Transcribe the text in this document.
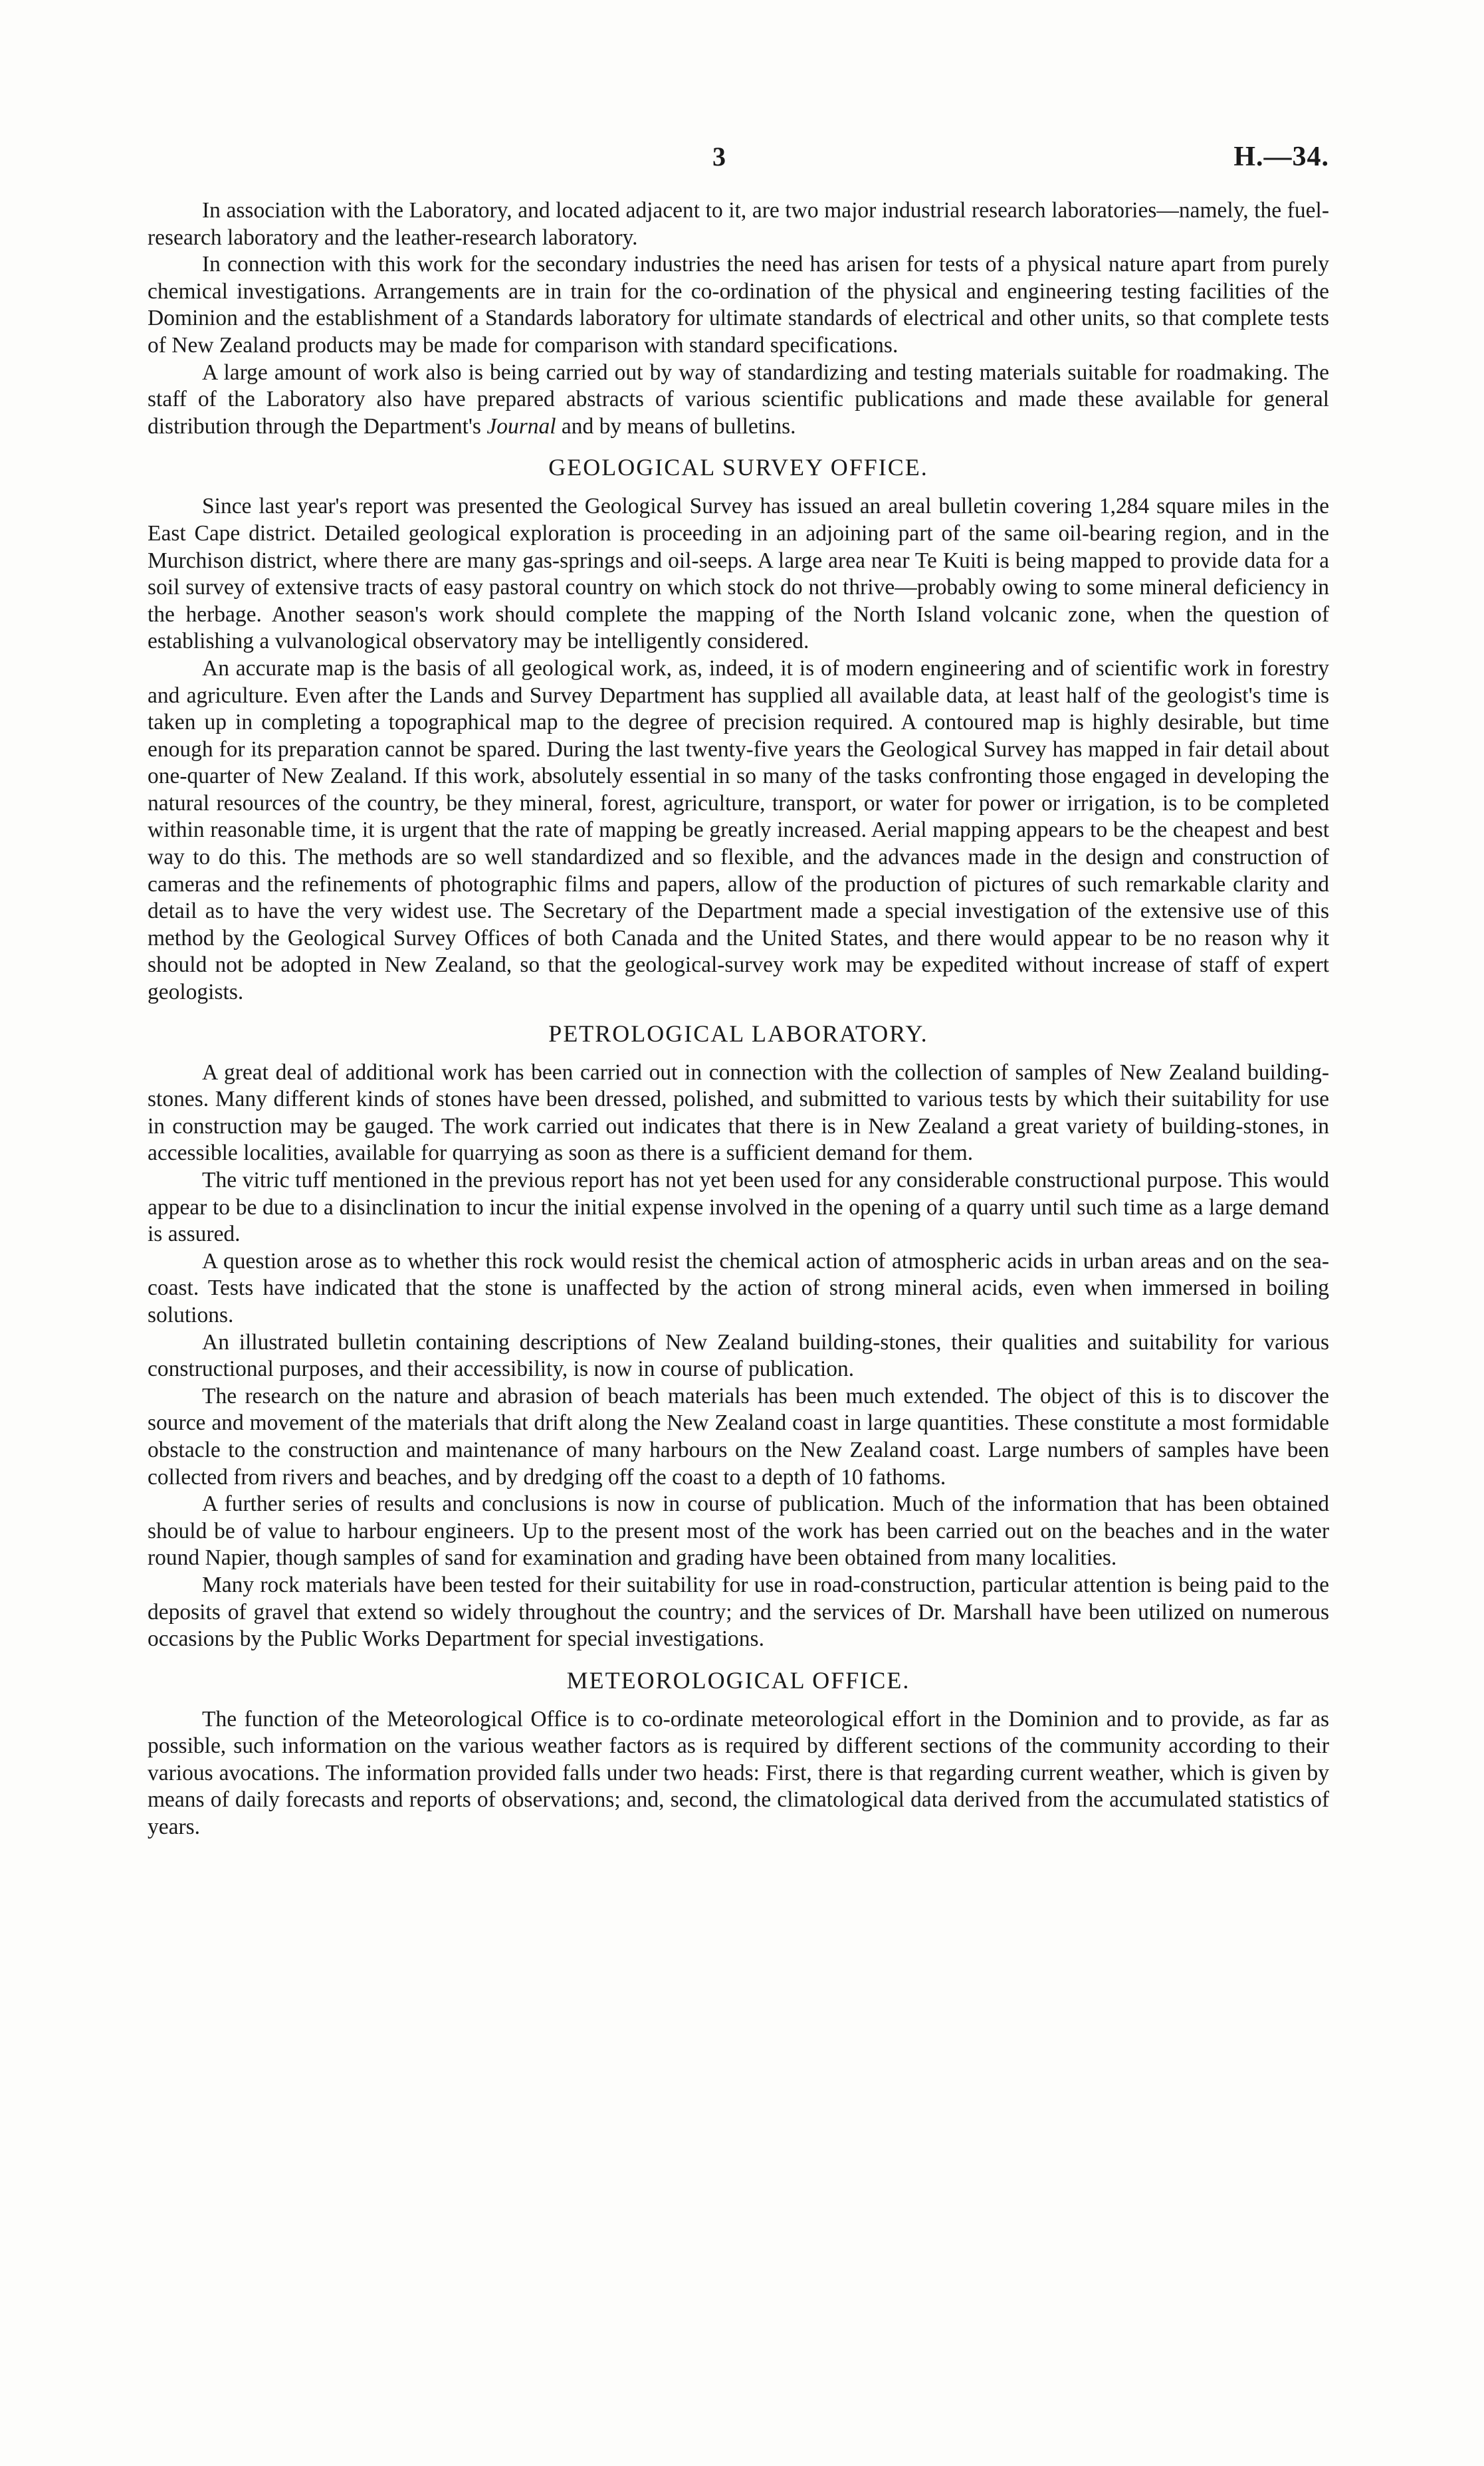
3	H.—34.

In association with the Laboratory, and located adjacent to it, are two major industrial research laboratories—namely, the fuel-research laboratory and the leather-research laboratory.

In connection with this work for the secondary industries the need has arisen for tests of a physical nature apart from purely chemical investigations. Arrangements are in train for the co-ordination of the physical and engineering testing facilities of the Dominion and the establishment of a Standards laboratory for ultimate standards of electrical and other units, so that complete tests of New Zealand products may be made for comparison with standard specifications.

A large amount of work also is being carried out by way of standardizing and testing materials suitable for roadmaking. The staff of the Laboratory also have prepared abstracts of various scientific publications and made these available for general distribution through the Department's Journal and by means of bulletins.

GEOLOGICAL SURVEY OFFICE.

Since last year's report was presented the Geological Survey has issued an areal bulletin covering 1,284 square miles in the East Cape district. Detailed geological exploration is proceeding in an adjoining part of the same oil-bearing region, and in the Murchison district, where there are many gas-springs and oil-seeps. A large area near Te Kuiti is being mapped to provide data for a soil survey of extensive tracts of easy pastoral country on which stock do not thrive—probably owing to some mineral deficiency in the herbage. Another season's work should complete the mapping of the North Island volcanic zone, when the question of establishing a vulvanological observatory may be intelligently considered.

An accurate map is the basis of all geological work, as, indeed, it is of modern engineering and of scientific work in forestry and agriculture. Even after the Lands and Survey Department has supplied all available data, at least half of the geologist's time is taken up in completing a topographical map to the degree of precision required. A contoured map is highly desirable, but time enough for its preparation cannot be spared. During the last twenty-five years the Geological Survey has mapped in fair detail about one-quarter of New Zealand. If this work, absolutely essential in so many of the tasks confronting those engaged in developing the natural resources of the country, be they mineral, forest, agriculture, transport, or water for power or irrigation, is to be completed within reasonable time, it is urgent that the rate of mapping be greatly increased. Aerial mapping appears to be the cheapest and best way to do this. The methods are so well standardized and so flexible, and the advances made in the design and construction of cameras and the refinements of photographic films and papers, allow of the production of pictures of such remarkable clarity and detail as to have the very widest use. The Secretary of the Department made a special investigation of the extensive use of this method by the Geological Survey Offices of both Canada and the United States, and there would appear to be no reason why it should not be adopted in New Zealand, so that the geological-survey work may be expedited without increase of staff of expert geologists.

PETROLOGICAL LABORATORY.

A great deal of additional work has been carried out in connection with the collection of samples of New Zealand building-stones. Many different kinds of stones have been dressed, polished, and submitted to various tests by which their suitability for use in construction may be gauged. The work carried out indicates that there is in New Zealand a great variety of building-stones, in accessible localities, available for quarrying as soon as there is a sufficient demand for them.

The vitric tuff mentioned in the previous report has not yet been used for any considerable constructional purpose. This would appear to be due to a disinclination to incur the initial expense involved in the opening of a quarry until such time as a large demand is assured.

A question arose as to whether this rock would resist the chemical action of atmospheric acids in urban areas and on the sea-coast. Tests have indicated that the stone is unaffected by the action of strong mineral acids, even when immersed in boiling solutions.

An illustrated bulletin containing descriptions of New Zealand building-stones, their qualities and suitability for various constructional purposes, and their accessibility, is now in course of publication.

The research on the nature and abrasion of beach materials has been much extended. The object of this is to discover the source and movement of the materials that drift along the New Zealand coast in large quantities. These constitute a most formidable obstacle to the construction and maintenance of many harbours on the New Zealand coast. Large numbers of samples have been collected from rivers and beaches, and by dredging off the coast to a depth of 10 fathoms.

A further series of results and conclusions is now in course of publication. Much of the information that has been obtained should be of value to harbour engineers. Up to the present most of the work has been carried out on the beaches and in the water round Napier, though samples of sand for examination and grading have been obtained from many localities.

Many rock materials have been tested for their suitability for use in road-construction, particular attention is being paid to the deposits of gravel that extend so widely throughout the country; and the services of Dr. Marshall have been utilized on numerous occasions by the Public Works Department for special investigations.

METEOROLOGICAL OFFICE.

The function of the Meteorological Office is to co-ordinate meteorological effort in the Dominion and to provide, as far as possible, such information on the various weather factors as is required by different sections of the community according to their various avocations. The information provided falls under two heads: First, there is that regarding current weather, which is given by means of daily forecasts and reports of observations; and, second, the climatological data derived from the accumulated statistics of years.
